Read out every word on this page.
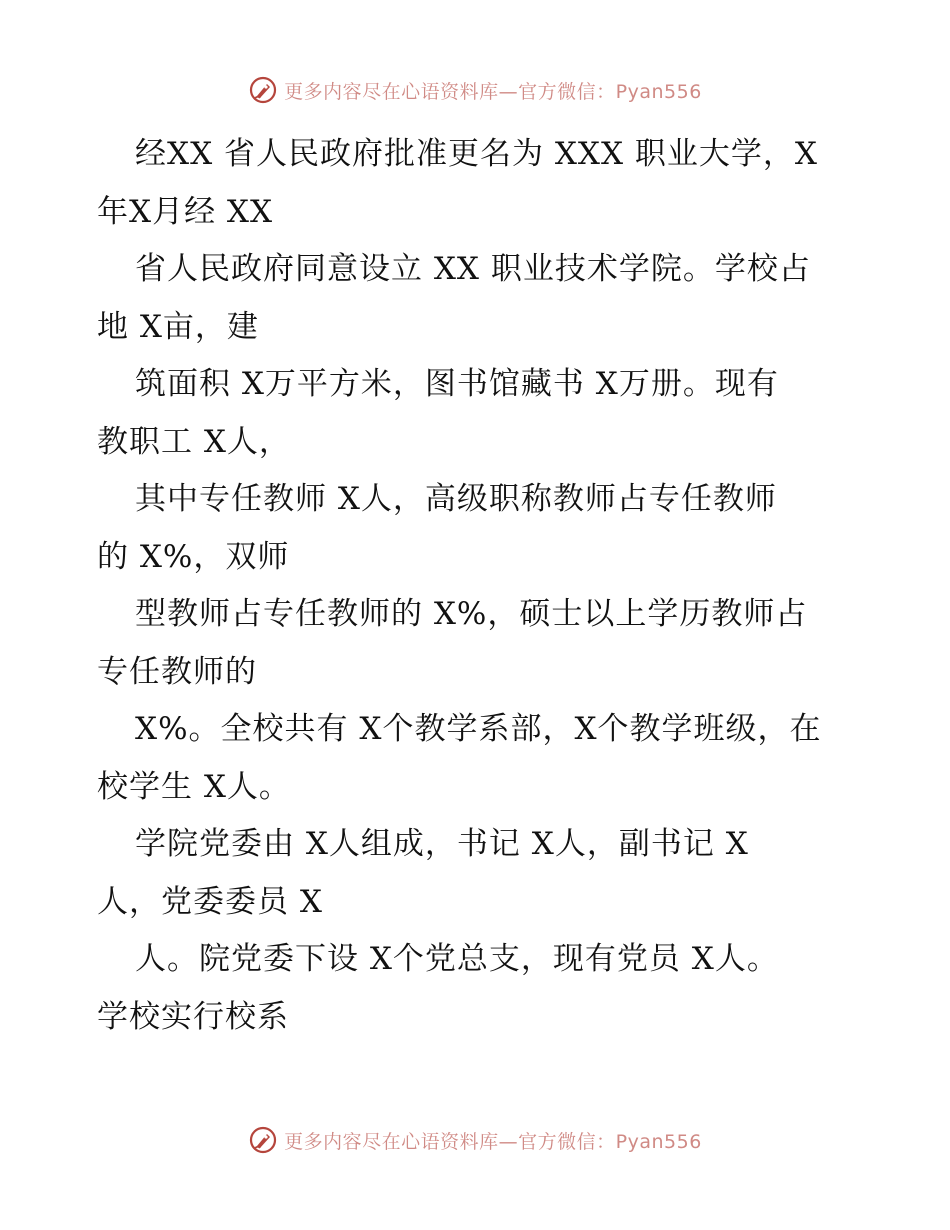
更多内容尽在心语资料库—官方微信：Pyan556
经XX 省人民政府批准更名为 XXX 职业大学，X
年X月经 XX
省人民政府同意设立 XX 职业技术学院。学校占
地 X亩，建
筑面积 X万平方米，图书馆藏书 X万册。现有
教职工 X人，
其中专任教师 X人，高级职称教师占专任教师
的 X%，双师
型教师占专任教师的 X%，硕士以上学历教师占
专任教师的
X%。全校共有 X个教学系部，X个教学班级，在
校学生 X人。
学院党委由 X人组成，书记 X人，副书记 X
人，党委委员 X
人。院党委下设 X个党总支，现有党员 X人。
学校实行校系
更多内容尽在心语资料库—官方微信：Pyan556
